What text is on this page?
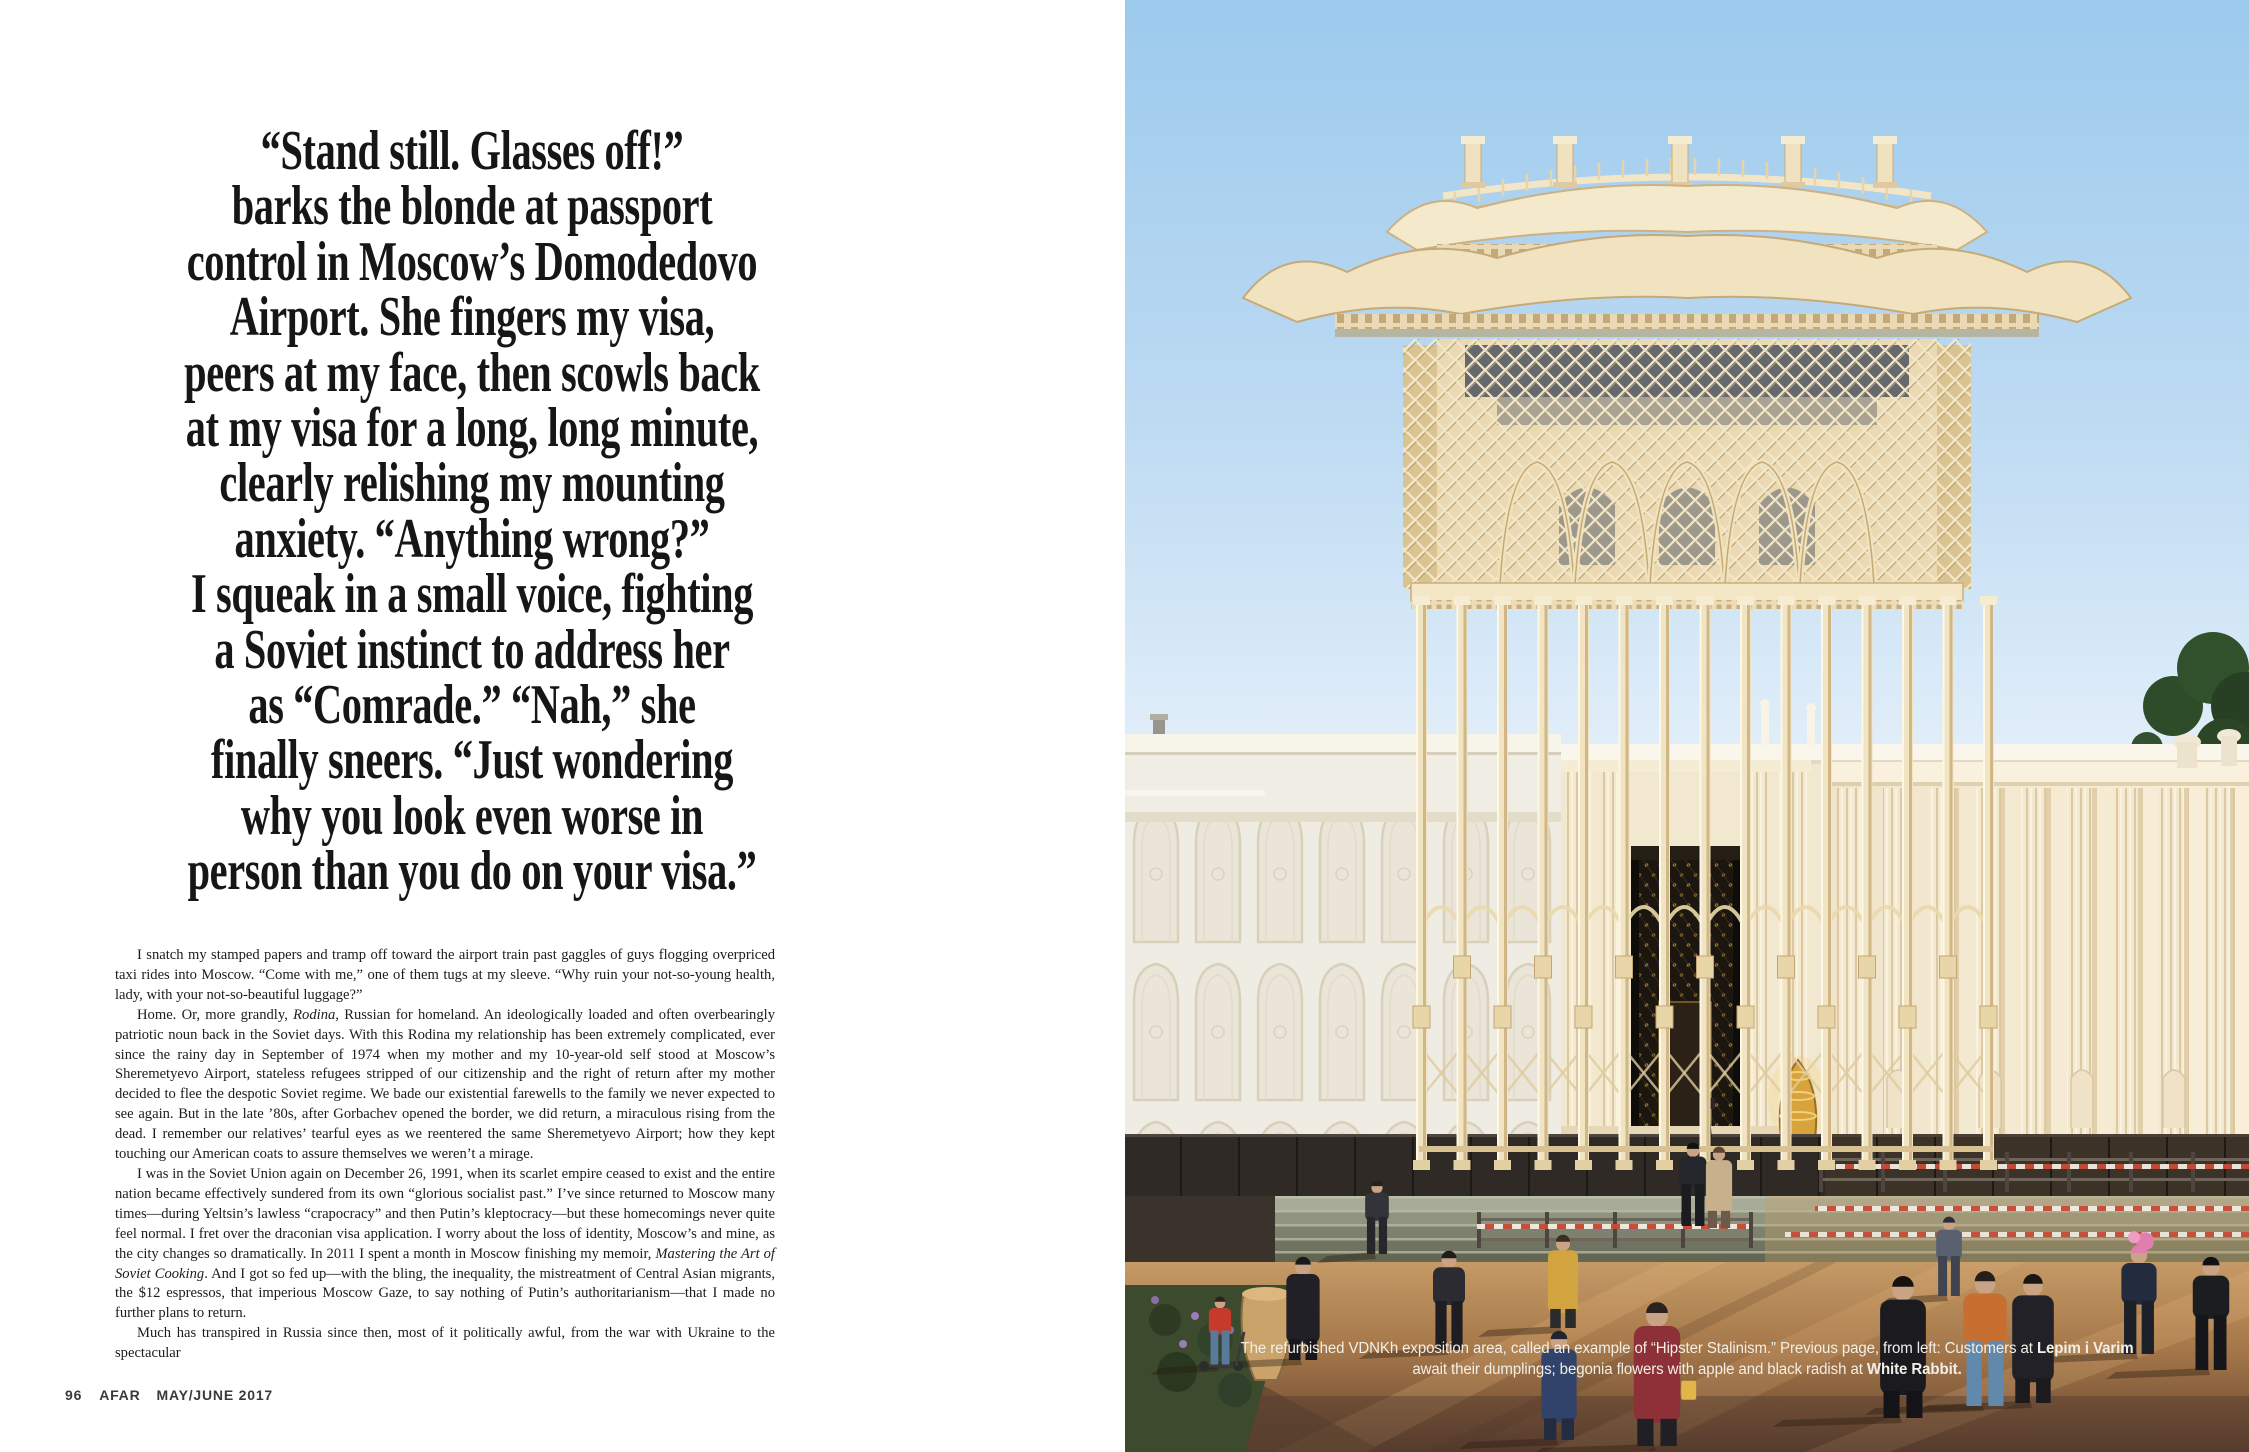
“Stand still. Glasses off!”
barks the blonde at passport
control in Moscow’s Domodedovo
Airport. She fingers my visa,
peers at my face, then scowls back
at my visa for a long, long minute,
clearly relishing my mounting
anxiety. “Anything wrong?”
I squeak in a small voice, fighting
a Soviet instinct to address her
as “Comrade.” “Nah,” she
finally sneers. “Just wondering
why you look even worse in
person than you do on your visa.”

I snatch my stamped papers and tramp off toward the airport train past gaggles of guys flogging overpriced taxi rides into Moscow. “Come with me,” one of them tugs at my sleeve. “Why ruin your not-so-young health, lady, with your not-so-beautiful luggage?”

Home. Or, more grandly, Rodina, Russian for homeland. An ideologically loaded and often overbearingly patriotic noun back in the Soviet days. With this Rodina my relationship has been extremely complicated, ever since the rainy day in September of 1974 when my mother and my 10-year-old self stood at Moscow’s Sheremetyevo Airport, stateless refugees stripped of our citizenship and the right of return after my mother decided to flee the despotic Soviet regime. We bade our existential farewells to the family we never expected to see again. But in the late ’80s, after Gorbachev opened the border, we did return, a miraculous rising from the dead. I remember our relatives’ tearful eyes as we reentered the same Sheremetyevo Airport; how they kept touching our American coats to assure themselves we weren’t a mirage.

I was in the Soviet Union again on December 26, 1991, when its scarlet empire ceased to exist and the entire nation became effectively sundered from its own “glorious socialist past.” I’ve since returned to Moscow many times—during Yeltsin’s lawless “crapocracy” and then Putin’s kleptocracy—but these homecomings never quite feel normal. I fret over the draconian visa application. I worry about the loss of identity, Moscow’s and mine, as the city changes so dramatically. In 2011 I spent a month in Moscow finishing my memoir, Mastering the Art of Soviet Cooking. And I got so fed up—with the bling, the inequality, the mistreatment of Central Asian migrants, the $12 espressos, that imperious Moscow Gaze, to say nothing of Putin’s authoritarianism—that I made no further plans to return.

Much has transpired in Russia since then, most of it politically awful, from the war with Ukraine to the spectacular

96 AFAR MAY/JUNE 2017

The refurbished VDNKh exposition area, called an example of “Hipster Stalinism.” Previous page, from left: Customers at Lepim i Varim
await their dumplings; begonia flowers with apple and black radish at White Rabbit.
